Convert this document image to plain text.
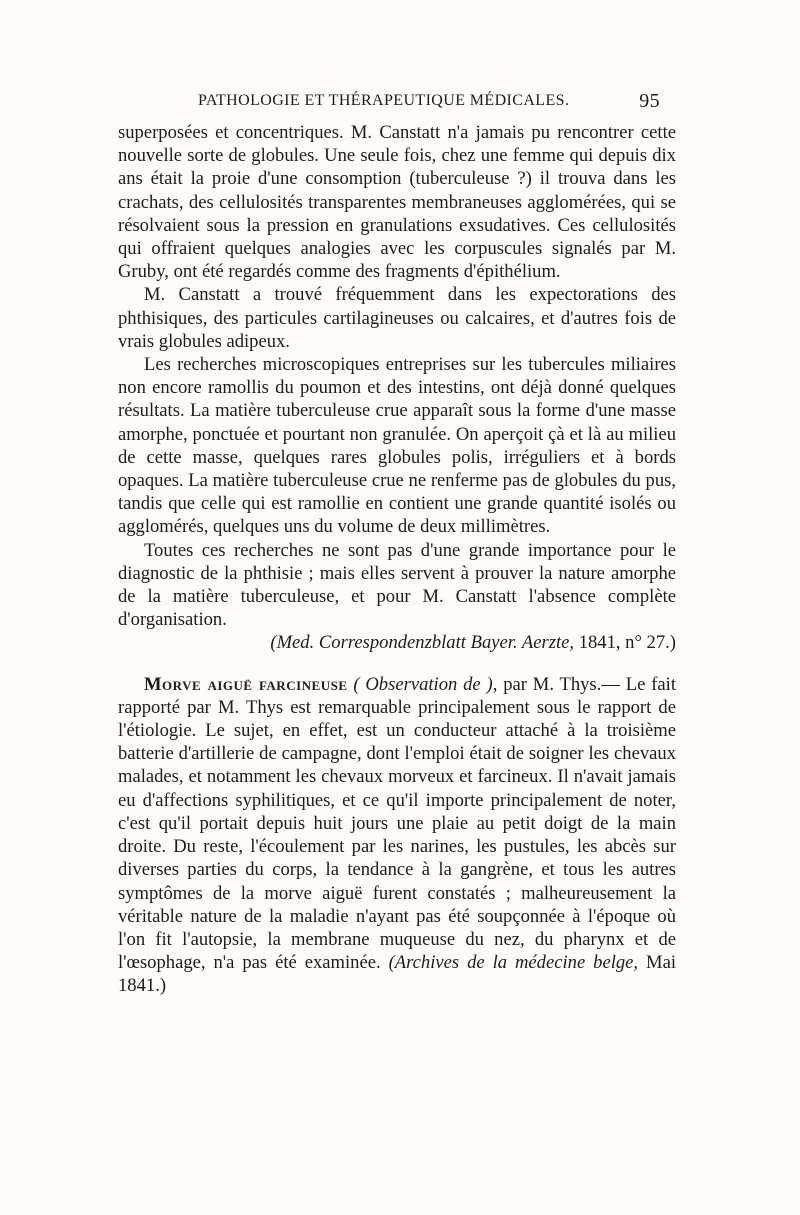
PATHOLOGIE ET THÉRAPEUTIQUE MÉDICALES.	95

superposées et concentriques. M. Canstatt n'a jamais pu rencontrer cette nouvelle sorte de globules. Une seule fois, chez une femme qui depuis dix ans était la proie d'une consomption (tuberculeuse ?) il trouva dans les crachats, des cellulosités transparentes membraneuses agglomérées, qui se résolvaient sous la pression en granulations exsudatives. Ces cellulosités qui offraient quelques analogies avec les corpuscules signalés par M. Gruby, ont été regardés comme des fragments d'épithélium.

M. Canstatt a trouvé fréquemment dans les expectorations des phthisiques, des particules cartilagineuses ou calcaires, et d'autres fois de vrais globules adipeux.

Les recherches microscopiques entreprises sur les tubercules miliaires non encore ramollis du poumon et des intestins, ont déjà donné quelques résultats. La matière tuberculeuse crue apparaît sous la forme d'une masse amorphe, ponctuée et pourtant non granulée. On aperçoit çà et là au milieu de cette masse, quelques rares globules polis, irréguliers et à bords opaques. La matière tuberculeuse crue ne renferme pas de globules du pus, tandis que celle qui est ramollie en contient une grande quantité isolés ou agglomérés, quelques uns du volume de deux millimètres.

Toutes ces recherches ne sont pas d'une grande importance pour le diagnostic de la phthisie ; mais elles servent à prouver la nature amorphe de la matière tuberculeuse, et pour M. Canstatt l'absence complète d'organisation.

(Med. Correspondenzblatt Bayer. Aerzte, 1841, n° 27.)

Morve aiguë farcineuse ( Observation de ), par M. Thys.— Le fait rapporté par M. Thys est remarquable principalement sous le rapport de l'étiologie. Le sujet, en effet, est un conducteur attaché à la troisième batterie d'artillerie de campagne, dont l'emploi était de soigner les chevaux malades, et notamment les chevaux morveux et farcineux. Il n'avait jamais eu d'affections syphilitiques, et ce qu'il importe principalement de noter, c'est qu'il portait depuis huit jours une plaie au petit doigt de la main droite. Du reste, l'écoulement par les narines, les pustules, les abcès sur diverses parties du corps, la tendance à la gangrène, et tous les autres symptômes de la morve aiguë furent constatés ; malheureusement la véritable nature de la maladie n'ayant pas été soupçonnée à l'époque où l'on fit l'autopsie, la membrane muqueuse du nez, du pharynx et de l'œsophage, n'a pas été examinée. (Archives de la médecine belge, Mai 1841.)
